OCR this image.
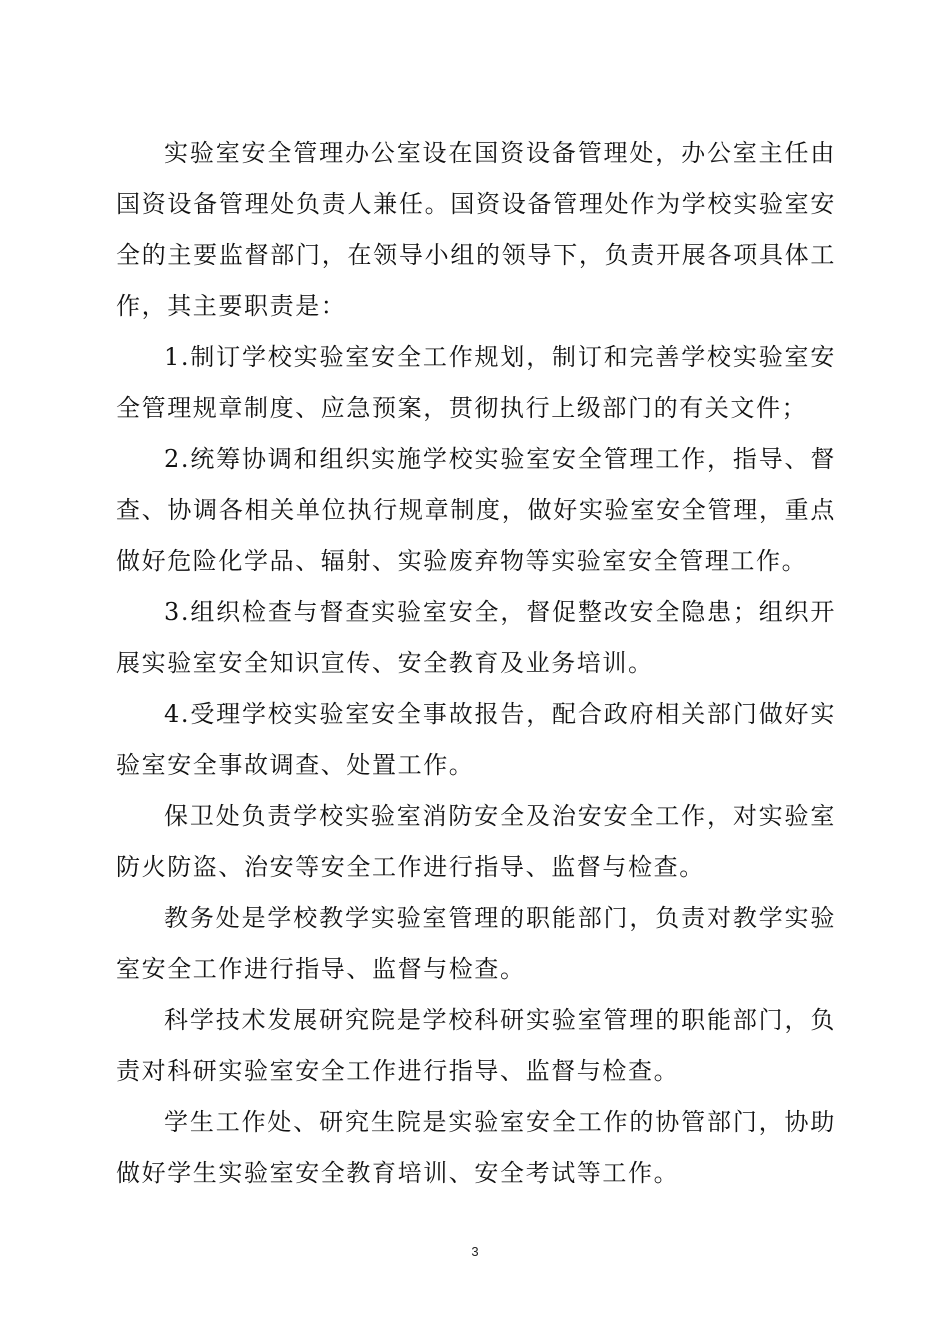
实验室安全管理办公室设在国资设备管理处，办公室主任由国资设备管理处负责人兼任。国资设备管理处作为学校实验室安全的主要监督部门，在领导小组的领导下，负责开展各项具体工作，其主要职责是：

1.制订学校实验室安全工作规划，制订和完善学校实验室安全管理规章制度、应急预案，贯彻执行上级部门的有关文件；

2.统筹协调和组织实施学校实验室安全管理工作，指导、督查、协调各相关单位执行规章制度，做好实验室安全管理，重点做好危险化学品、辐射、实验废弃物等实验室安全管理工作。

3.组织检查与督查实验室安全，督促整改安全隐患；组织开展实验室安全知识宣传、安全教育及业务培训。

4.受理学校实验室安全事故报告，配合政府相关部门做好实验室安全事故调查、处置工作。

保卫处负责学校实验室消防安全及治安安全工作，对实验室防火防盗、治安等安全工作进行指导、监督与检查。

教务处是学校教学实验室管理的职能部门，负责对教学实验室安全工作进行指导、监督与检查。

科学技术发展研究院是学校科研实验室管理的职能部门，负责对科研实验室安全工作进行指导、监督与检查。

学生工作处、研究生院是实验室安全工作的协管部门，协助做好学生实验室安全教育培训、安全考试等工作。

3
